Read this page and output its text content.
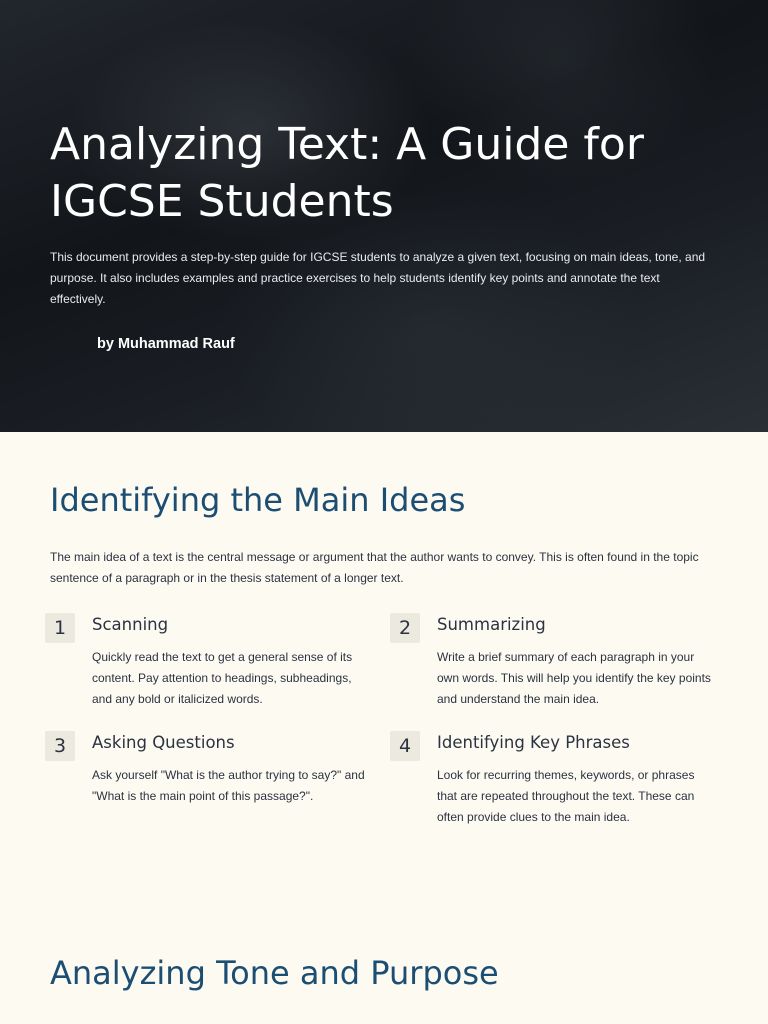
Analyzing Text: A Guide for IGCSE Students

This document provides a step-by-step guide for IGCSE students to analyze a given text, focusing on main ideas, tone, and purpose. It also includes examples and practice exercises to help students identify key points and annotate the text effectively.

by Muhammad Rauf
Identifying the Main Ideas

The main idea of a text is the central message or argument that the author wants to convey. This is often found in the topic sentence of a paragraph or in the thesis statement of a longer text.

1	Scanning

Quickly read the text to get a general sense of its content. Pay attention to headings, subheadings, and any bold or italicized words.

2	Summarizing

Write a brief summary of each paragraph in your own words. This will help you identify the key points and understand the main idea.

3	Asking Questions

Ask yourself "What is the author trying to say?" and "What is the main point of this passage?".

4	Identifying Key Phrases

Look for recurring themes, keywords, or phrases that are repeated throughout the text. These can often provide clues to the main idea.

Analyzing Tone and Purpose
